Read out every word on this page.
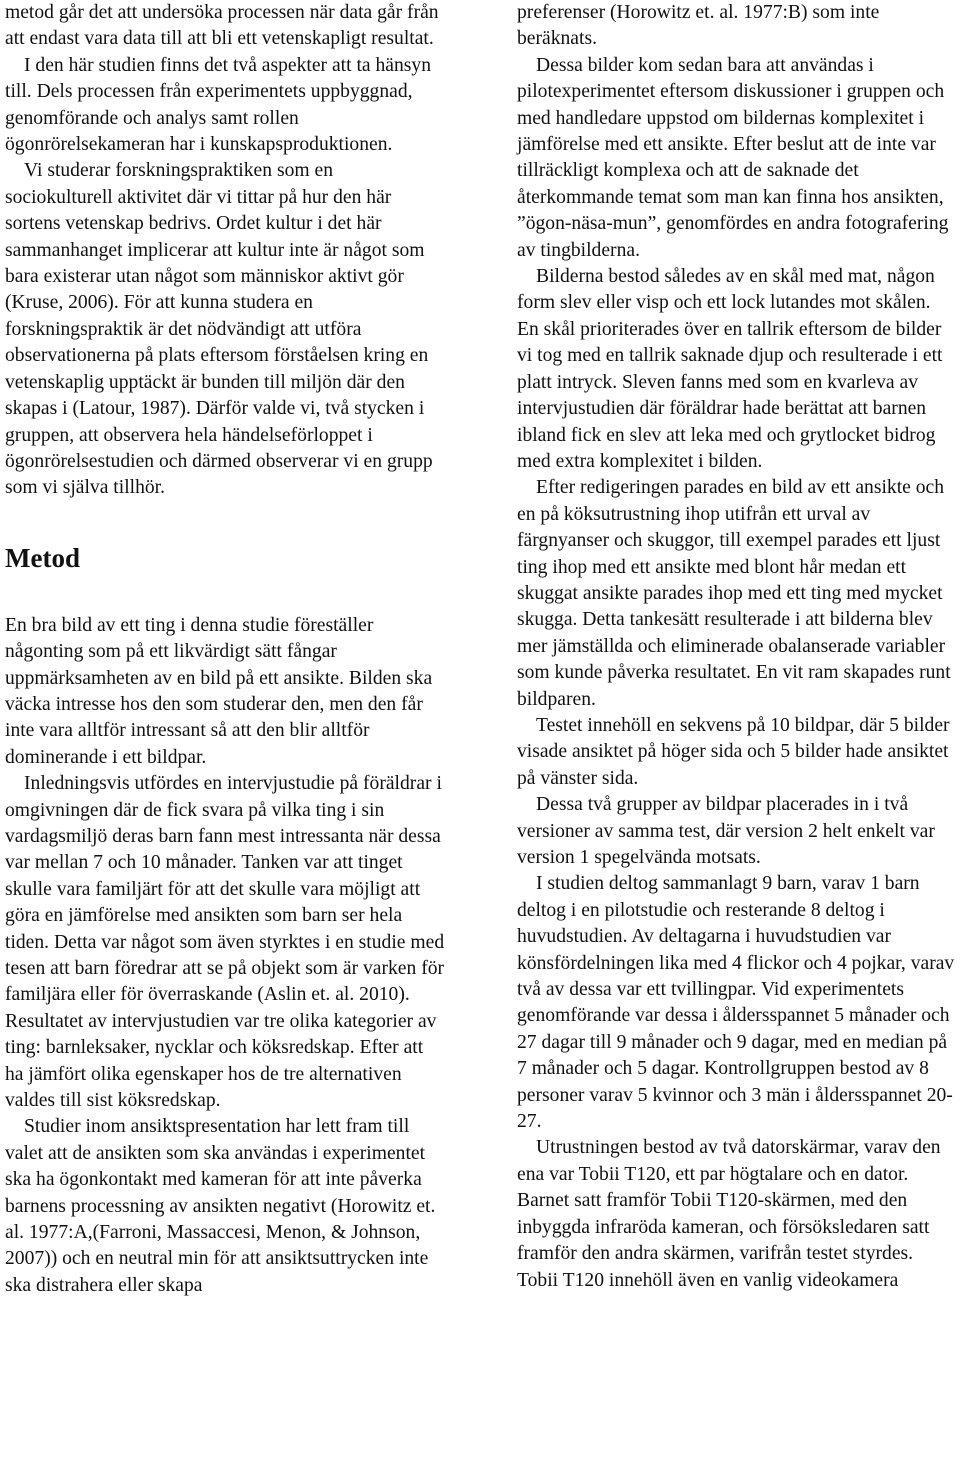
metod går det att undersöka processen när data går från att endast vara data till att bli ett vetenskapligt resultat.

I den här studien finns det två aspekter att ta hänsyn till. Dels processen från experimentets uppbyggnad, genomförande och analys samt rollen ögonrörelsekameran har i kunskapsproduktionen.

Vi studerar forskningspraktiken som en sociokulturell aktivitet där vi tittar på hur den här sortens vetenskap bedrivs. Ordet kultur i det här sammanhanget implicerar att kultur inte är något som bara existerar utan något som människor aktivt gör (Kruse, 2006). För att kunna studera en forskningspraktik är det nödvändigt att utföra observationerna på plats eftersom förståelsen kring en vetenskaplig upptäckt är bunden till miljön där den skapas i (Latour, 1987). Därför valde vi, två stycken i gruppen, att observera hela händelseförloppet i ögonrörelsestudien och därmed observerar vi en grupp som vi själva tillhör.

Metod

En bra bild av ett ting i denna studie föreställer någonting som på ett likvärdigt sätt fångar uppmärksamheten av en bild på ett ansikte. Bilden ska väcka intresse hos den som studerar den, men den får inte vara alltför intressant så att den blir alltför dominerande i ett bildpar.

Inledningsvis utfördes en intervjustudie på föräldrar i omgivningen där de fick svara på vilka ting i sin vardagsmiljö deras barn fann mest intressanta när dessa var mellan 7 och 10 månader. Tanken var att tinget skulle vara familjärt för att det skulle vara möjligt att göra en jämförelse med ansikten som barn ser hela tiden. Detta var något som även styrktes i en studie med tesen att barn föredrar att se på objekt som är varken för familjära eller för överraskande (Aslin et. al. 2010). Resultatet av intervjustudien var tre olika kategorier av ting: barnleksaker, nycklar och köksredskap. Efter att ha jämfört olika egenskaper hos de tre alternativen valdes till sist köksredskap.

Studier inom ansiktspresentation har lett fram till valet att de ansikten som ska användas i experimentet ska ha ögonkontakt med kameran för att inte påverka barnens processning av ansikten negativt (Horowitz et. al. 1977:A,(Farroni, Massaccesi, Menon, & Johnson, 2007)) och en neutral min för att ansiktsuttrycken inte ska distrahera eller skapa

preferenser (Horowitz et. al. 1977:B) som inte beräknats.

Dessa bilder kom sedan bara att användas i pilotexperimentet eftersom diskussioner i gruppen och med handledare uppstod om bildernas komplexitet i jämförelse med ett ansikte. Efter beslut att de inte var tillräckligt komplexa och att de saknade det återkommande temat som man kan finna hos ansikten, ”ögon-näsa-mun”, genomfördes en andra fotografering av tingbilderna.

Bilderna bestod således av en skål med mat, någon form slev eller visp och ett lock lutandes mot skålen. En skål prioriterades över en tallrik eftersom de bilder vi tog med en tallrik saknade djup och resulterade i ett platt intryck. Sleven fanns med som en kvarleva av intervjustudien där föräldrar hade berättat att barnen ibland fick en slev att leka med och grytlocket bidrog med extra komplexitet i bilden.

Efter redigeringen parades en bild av ett ansikte och en på köksutrustning ihop utifrån ett urval av färgnyanser och skuggor, till exempel parades ett ljust ting ihop med ett ansikte med blont hår medan ett skuggat ansikte parades ihop med ett ting med mycket skugga. Detta tankesätt resulterade i att bilderna blev mer jämställda och eliminerade obalanserade variabler som kunde påverka resultatet. En vit ram skapades runt bildparen.

Testet innehöll en sekvens på 10 bildpar, där 5 bilder visade ansiktet på höger sida och 5 bilder hade ansiktet på vänster sida.

Dessa två grupper av bildpar placerades in i två versioner av samma test, där version 2 helt enkelt var version 1 spegelvända motsats.

I studien deltog sammanlagt 9 barn, varav 1 barn deltog i en pilotstudie och resterande 8 deltog i huvudstudien. Av deltagarna i huvudstudien var könsfördelningen lika med 4 flickor och 4 pojkar, varav två av dessa var ett tvillingpar. Vid experimentets genomförande var dessa i åldersspannet 5 månader och 27 dagar till 9 månader och 9 dagar, med en median på 7 månader och 5 dagar. Kontrollgruppen bestod av 8 personer varav 5 kvinnor och 3 män i åldersspannet 20-27.

Utrustningen bestod av två datorskärmar, varav den ena var Tobii T120, ett par högtalare och en dator. Barnet satt framför Tobii T120-skärmen, med den inbyggda infraröda kameran, och försöksledaren satt framför den andra skärmen, varifrån testet styrdes. Tobii T120 innehöll även en vanlig videokamera
